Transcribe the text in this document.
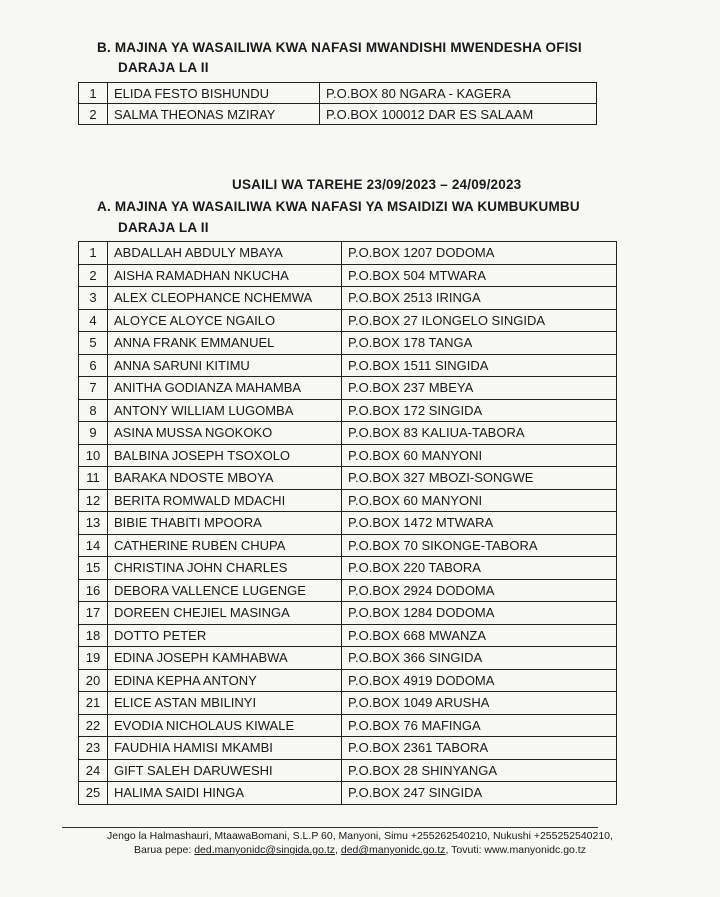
B. MAJINA YA WASAILIWA KWA NAFASI MWANDISHI MWENDESHA OFISI
DARAJA LA II
1	ELIDA FESTO BISHUNDU	P.O.BOX 80 NGARA - KAGERA
2	SALMA THEONAS MZIRAY	P.O.BOX 100012 DAR ES SALAAM
USAILI WA TAREHE 23/09/2023 – 24/09/2023
A. MAJINA YA WASAILIWA KWA NAFASI YA MSAIDIZI WA KUMBUKUMBU
DARAJA LA II
1	ABDALLAH ABDULY MBAYA	P.O.BOX 1207 DODOMA
2	AISHA RAMADHAN NKUCHA	P.O.BOX 504 MTWARA
3	ALEX CLEOPHANCE NCHEMWA	P.O.BOX 2513 IRINGA
4	ALOYCE ALOYCE NGAILO	P.O.BOX 27 ILONGELO SINGIDA
5	ANNA FRANK EMMANUEL	P.O.BOX 178 TANGA
6	ANNA SARUNI KITIMU	P.O.BOX 1511 SINGIDA
7	ANITHA GODIANZA MAHAMBA	P.O.BOX 237 MBEYA
8	ANTONY WILLIAM LUGOMBA	P.O.BOX 172 SINGIDA
9	ASINA MUSSA NGOKOKO	P.O.BOX 83 KALIUA-TABORA
10	BALBINA JOSEPH TSOXOLO	P.O.BOX 60 MANYONI
11	BARAKA NDOSTE MBOYA	P.O.BOX 327 MBOZI-SONGWE
12	BERITA ROMWALD MDACHI	P.O.BOX 60 MANYONI
13	BIBIE THABITI MPOORA	P.O.BOX 1472 MTWARA
14	CATHERINE RUBEN CHUPA	P.O.BOX 70 SIKONGE-TABORA
15	CHRISTINA JOHN CHARLES	P.O.BOX 220 TABORA
16	DEBORA VALLENCE LUGENGE	P.O.BOX 2924 DODOMA
17	DOREEN CHEJIEL MASINGA	P.O.BOX 1284 DODOMA
18	DOTTO PETER	P.O.BOX 668 MWANZA
19	EDINA JOSEPH KAMHABWA	P.O.BOX 366 SINGIDA
20	EDINA KEPHA ANTONY	P.O.BOX 4919 DODOMA
21	ELICE ASTAN MBILINYI	P.O.BOX 1049 ARUSHA
22	EVODIA NICHOLAUS KIWALE	P.O.BOX 76 MAFINGA
23	FAUDHIA HAMISI MKAMBI	P.O.BOX 2361 TABORA
24	GIFT SALEH DARUWESHI	P.O.BOX 28 SHINYANGA
25	HALIMA SAIDI HINGA	P.O.BOX 247 SINGIDA
Jengo la Halmashauri, MtaawaBomani, S.L.P 60, Manyoni, Simu +255262540210, Nukushi +255252540210,
Barua pepe: ded.manyonidc@singida.go.tz, ded@manyonidc.go.tz, Tovuti: www.manyonidc.go.tz
